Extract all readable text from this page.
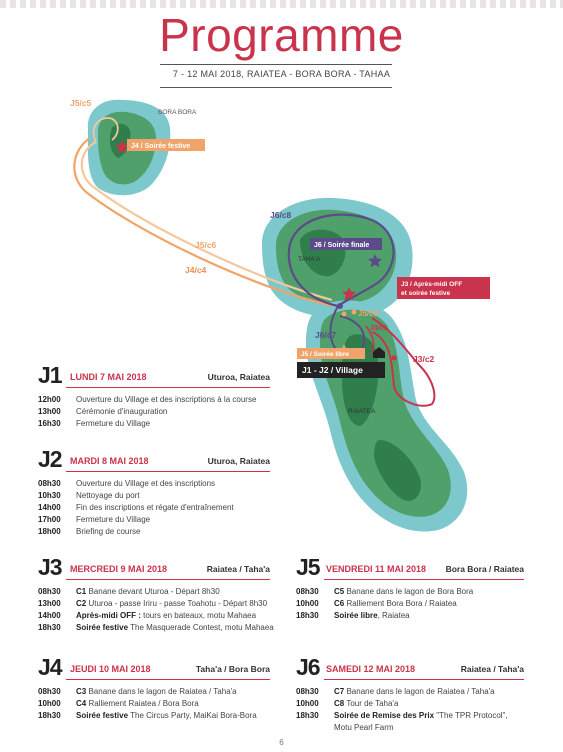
Programme
7 - 12 MAI 2018, RAIATEA - BORA BORA - TAHAA
BORA BORA
TAHA'A
RAIATEA
J5/c5
J5/c6
J4/c4
J6/c8
J6/c7
J5/c3
J3/c1
J3/c2
J4 / Soirée festive
J6 / Soirée finale
J3 / Après-midi OFF
et soirée festive
J5 / Soirée libre
J1 - J2 / Village
J1 LUNDI 7 MAI 2018	Uturoa, Raiatea
12h00 Ouverture du Village et des inscriptions à la course
13h00 Cérémonie d'inauguration
16h30 Fermeture du Village
J2 MARDI 8 MAI 2018	Uturoa, Raiatea
08h30 Ouverture du Village et des inscriptions
10h30 Nettoyage du port
14h00 Fin des inscriptions et régate d'entraînement
17h00 Fermeture du Village
18h00 Briefing de course
J3 MERCREDI 9 MAI 2018	Raiatea / Taha'a
08h30 C1 Banane devant Uturoa - Départ 8h30
13h00 C2 Uturoa - passe Iriru - passe Toahotu - Départ 8h30
14h00 Après-midi OFF : tours en bateaux, motu Mahaea
18h30 Soirée festive The Masquerade Contest, motu Mahaea
J4 JEUDI 10 MAI 2018	Taha'a / Bora Bora
08h30 C3 Banane dans le lagon de Raiatea / Taha'a
10h00 C4 Ralliement Raiatea / Bora Bora
18h30 Soirée festive The Circus Party, MaiKai Bora-Bora
J5 VENDREDI 11 MAI 2018 Bora Bora / Raiatea
08h30 C5 Banane dans le lagon de Bora Bora
10h00 C6 Ralliement Bora Bora / Raiatea
18h30 Soirée libre, Raiatea
J6 SAMEDI 12 MAI 2018	Raiatea / Taha'a
08h30 C7 Banane dans le lagon de Raiatea / Taha'a
10h00 C8 Tour de Taha'a
18h30 Soirée de Remise des Prix "The TPR Protocol",
Motu Pearl Farm
6
